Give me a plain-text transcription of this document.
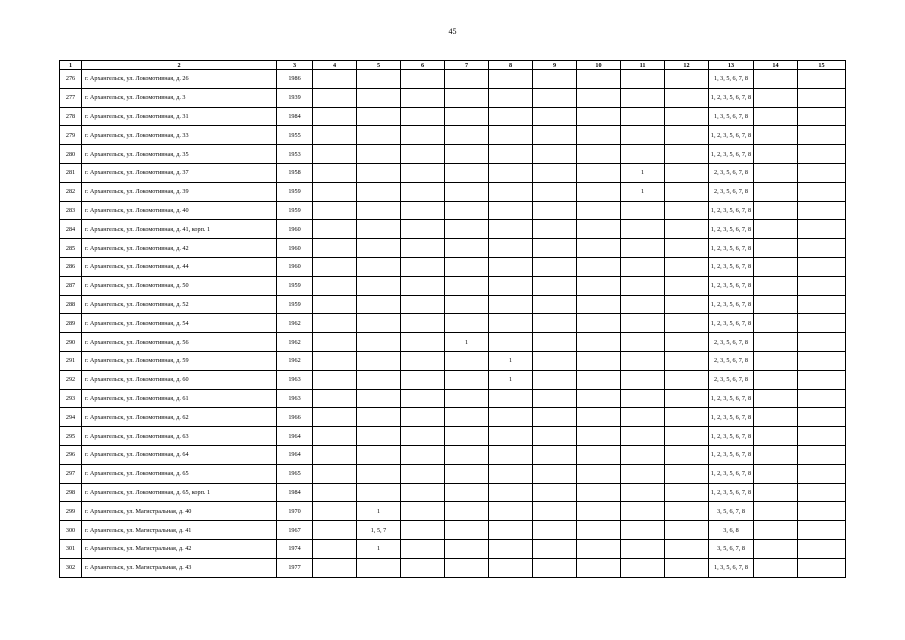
45
1	2	3	4	5	6	7	8	9	10	11	12	13	14	15
276	г. Архангельск, ул. Локомотивная, д. 26	1986										1, 3, 5, 6, 7, 8		
277	г. Архангельск, ул. Локомотивная, д. 3	1939										1, 2, 3, 5, 6, 7, 8		
278	г. Архангельск, ул. Локомотивная, д. 31	1984										1, 3, 5, 6, 7, 8		
279	г. Архангельск, ул. Локомотивная, д. 33	1955										1, 2, 3, 5, 6, 7, 8		
280	г. Архангельск, ул. Локомотивная, д. 35	1953										1, 2, 3, 5, 6, 7, 8		
281	г. Архангельск, ул. Локомотивная, д. 37	1958								1		2, 3, 5, 6, 7, 8		
282	г. Архангельск, ул. Локомотивная, д. 39	1959								1		2, 3, 5, 6, 7, 8		
283	г. Архангельск, ул. Локомотивная, д. 40	1959										1, 2, 3, 5, 6, 7, 8		
284	г. Архангельск, ул. Локомотивная, д. 41, корп. 1	1960										1, 2, 3, 5, 6, 7, 8		
285	г. Архангельск, ул. Локомотивная, д. 42	1960										1, 2, 3, 5, 6, 7, 8		
286	г. Архангельск, ул. Локомотивная, д. 44	1960										1, 2, 3, 5, 6, 7, 8		
287	г. Архангельск, ул. Локомотивная, д. 50	1959										1, 2, 3, 5, 6, 7, 8		
288	г. Архангельск, ул. Локомотивная, д. 52	1959										1, 2, 3, 5, 6, 7, 8		
289	г. Архангельск, ул. Локомотивная, д. 54	1962										1, 2, 3, 5, 6, 7, 8		
290	г. Архангельск, ул. Локомотивная, д. 56	1962				1						2, 3, 5, 6, 7, 8		
291	г. Архангельск, ул. Локомотивная, д. 59	1962					1					2, 3, 5, 6, 7, 8		
292	г. Архангельск, ул. Локомотивная, д. 60	1963					1					2, 3, 5, 6, 7, 8		
293	г. Архангельск, ул. Локомотивная, д. 61	1963										1, 2, 3, 5, 6, 7, 8		
294	г. Архангельск, ул. Локомотивная, д. 62	1966										1, 2, 3, 5, 6, 7, 8		
295	г. Архангельск, ул. Локомотивная, д. 63	1964										1, 2, 3, 5, 6, 7, 8		
296	г. Архангельск, ул. Локомотивная, д. 64	1964										1, 2, 3, 5, 6, 7, 8		
297	г. Архангельск, ул. Локомотивная, д. 65	1965										1, 2, 3, 5, 6, 7, 8		
298	г. Архангельск, ул. Локомотивная, д. 65, корп. 1	1984										1, 2, 3, 5, 6, 7, 8		
299	г. Архангельск, ул. Магистральная, д. 40	1970		1								3, 5, 6, 7, 8		
300	г. Архангельск, ул. Магистральная, д. 41	1967		1, 5, 7								3, 6, 8		
301	г. Архангельск, ул. Магистральная, д. 42	1974		1								3, 5, 6, 7, 8		
302	г. Архангельск, ул. Магистральная, д. 43	1977										1, 3, 5, 6, 7, 8		
